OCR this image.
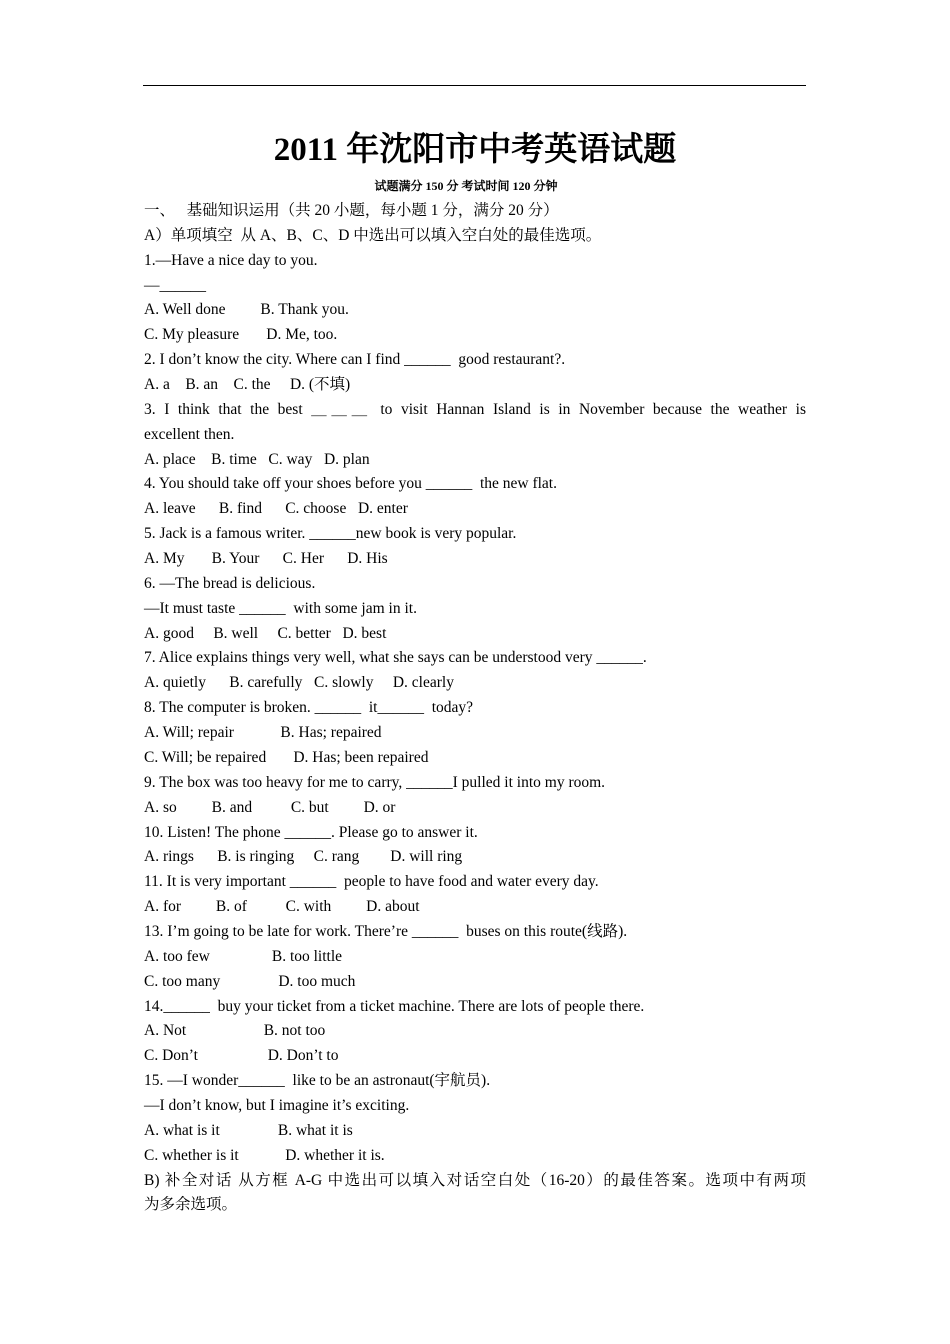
2011 年沈阳市中考英语试题
试题满分 150 分 考试时间 120 分钟
一、   基础知识运用（共 20 小题，每小题 1 分，满分 20 分）
A）单项填空  从 A、B、C、D 中选出可以填入空白处的最佳选项。
1.—Have a nice day to you.
—______
A. Well done         B. Thank you.
C. My pleasure       D. Me, too.
2. I don’t know the city. Where can I find ______  good restaurant?.
A. a    B. an    C. the     D. (不填)
3. I think that the best ＿＿＿ to visit Hannan Island is in November because the weather is
excellent then.
A. place    B. time   C. way   D. plan
4. You should take off your shoes before you ______  the new flat.
A. leave      B. find      C. choose   D. enter
5. Jack is a famous writer. ______new book is very popular.
A. My       B. Your      C. Her      D. His
6. —The bread is delicious.
—It must taste ______  with some jam in it.
A. good     B. well     C. better   D. best
7. Alice explains things very well, what she says can be understood very ______.
A. quietly      B. carefully   C. slowly     D. clearly
8. The computer is broken. ______  it______  today?
A. Will; repair            B. Has; repaired
C. Will; be repaired       D. Has; been repaired
9. The box was too heavy for me to carry, ______I pulled it into my room.
A. so         B. and          C. but         D. or
10. Listen! The phone ______. Please go to answer it.
A. rings      B. is ringing     C. rang        D. will ring
11. It is very important ______  people to have food and water every day.
A. for         B. of          C. with         D. about
13. I’m going to be late for work. There’re ______  buses on this route(线路).
A. too few                B. too little
C. too many               D. too much
14.______  buy your ticket from a ticket machine. There are lots of people there.
A. Not                    B. not too
C. Don’t                  D. Don’t to
15. —I wonder______  like to be an astronaut(宇航员).
—I don’t know, but I imagine it’s exciting.
A. what is it               B. what it is
C. whether is it            D. whether it is.
B) 补全对话 从方框 A-G 中选出可以填入对话空白处（16-20）的最佳答案。选项中有两项
为多余选项。
